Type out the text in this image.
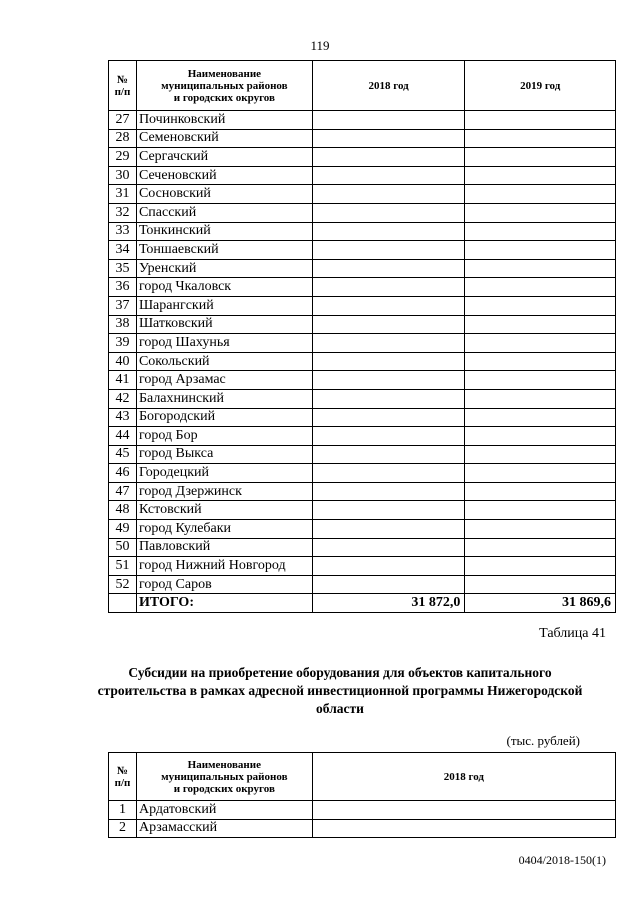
119
№
п/п	Наименование
муниципальных районов
и городских округов	2018 год	2019 год
27	Починковский		
28	Семеновский		
29	Сергачский		
30	Сеченовский		
31	Сосновский		
32	Спасский		
33	Тонкинский		
34	Тоншаевский		
35	Уренский		
36	город Чкаловск		
37	Шарангский		
38	Шатковский		
39	город Шахунья		
40	Сокольский		
41	город Арзамас		
42	Балахнинский		
43	Богородский		
44	город Бор		
45	город Выкса		
46	Городецкий		
47	город Дзержинск		
48	Кстовский		
49	город Кулебаки		
50	Павловский		
51	город Нижний Новгород		
52	город Саров		
	ИТОГО:	31 872,0	31 869,6
Таблица 41
Субсидии на приобретение оборудования для объектов капитального строительства в рамках адресной инвестиционной программы Нижегородской области
(тыс. рублей)
№
п/п	Наименование
муниципальных районов
и городских округов	2018 год
1	Ардатовский	
2	Арзамасский	
0404/2018-150(1)
